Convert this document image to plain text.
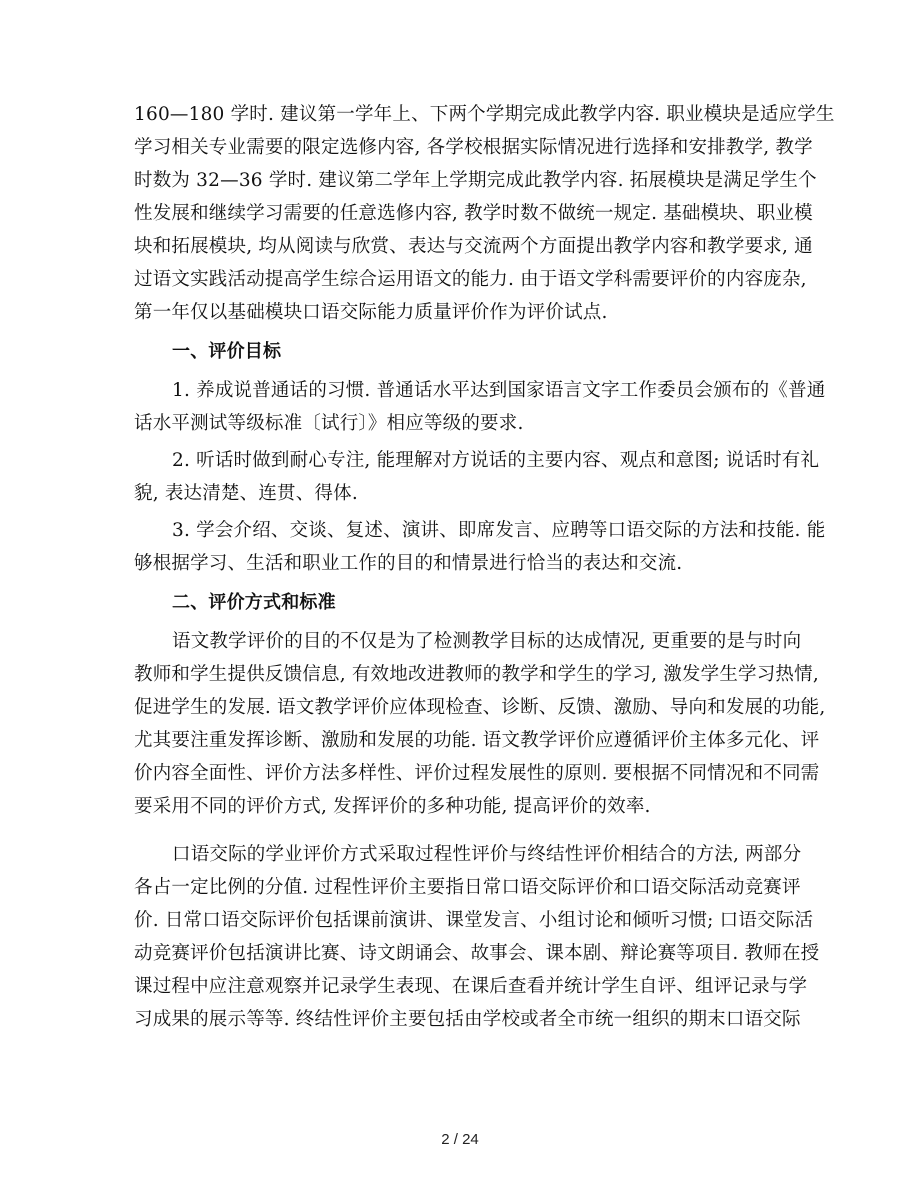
160—180 学时. 建议第一学年上、下两个学期完成此教学内容. 职业模块是适应学生
学习相关专业需要的限定选修内容, 各学校根据实际情况进行选择和安排教学, 教学
时数为 32—36 学时. 建议第二学年上学期完成此教学内容. 拓展模块是满足学生个
性发展和继续学习需要的任意选修内容, 教学时数不做统一规定. 基础模块、职业模
块和拓展模块, 均从阅读与欣赏、表达与交流两个方面提出教学内容和教学要求, 通
过语文实践活动提高学生综合运用语文的能力. 由于语文学科需要评价的内容庞杂,
第一年仅以基础模块口语交际能力质量评价作为评价试点.
一、评价目标
1. 养成说普通话的习惯. 普通话水平达到国家语言文字工作委员会颁布的《普通
话水平测试等级标准〔试行〕》相应等级的要求.
2. 听话时做到耐心专注, 能理解对方说话的主要内容、观点和意图; 说话时有礼
貌, 表达清楚、连贯、得体.
3. 学会介绍、交谈、复述、演讲、即席发言、应聘等口语交际的方法和技能. 能
够根据学习、生活和职业工作的目的和情景进行恰当的表达和交流.
二、评价方式和标准
语文教学评价的目的不仅是为了检测教学目标的达成情况, 更重要的是与时向
教师和学生提供反馈信息, 有效地改进教师的教学和学生的学习, 激发学生学习热情,
促进学生的发展. 语文教学评价应体现检查、诊断、反馈、激励、导向和发展的功能,
尤其要注重发挥诊断、激励和发展的功能. 语文教学评价应遵循评价主体多元化、评
价内容全面性、评价方法多样性、评价过程发展性的原则. 要根据不同情况和不同需
要采用不同的评价方式, 发挥评价的多种功能, 提高评价的效率.
口语交际的学业评价方式采取过程性评价与终结性评价相结合的方法, 两部分
各占一定比例的分值. 过程性评价主要指日常口语交际评价和口语交际活动竞赛评
价. 日常口语交际评价包括课前演讲、课堂发言、小组讨论和倾听习惯; 口语交际活
动竞赛评价包括演讲比赛、诗文朗诵会、故事会、课本剧、辩论赛等项目. 教师在授
课过程中应注意观察并记录学生表现、在课后查看并统计学生自评、组评记录与学
习成果的展示等等. 终结性评价主要包括由学校或者全市统一组织的期末口语交际
2 / 24
